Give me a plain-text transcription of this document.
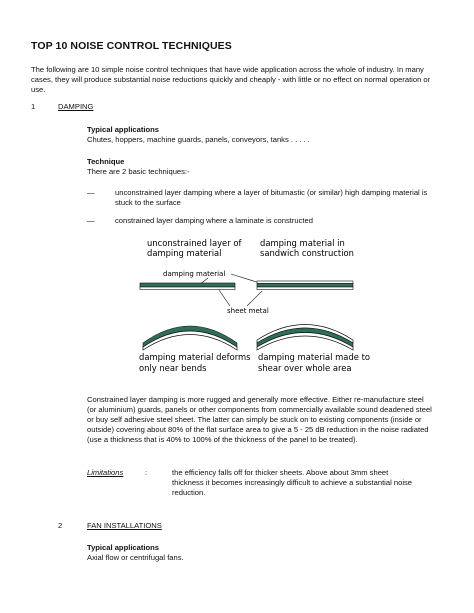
TOP 10 NOISE CONTROL TECHNIQUES
The following are 10 simple noise control techniques that have wide application across the whole of industry. In many cases, they will produce substantial noise reductions quickly and cheaply - with little or no effect on normal operation or use.
1	DAMPING
Typical applications
Chutes, hoppers, machine guards, panels, conveyors, tanks . . . . .
Technique
There are 2 basic techniques:-
—	unconstrained layer damping where a layer of bitumastic (or similar) high damping material is stuck to the surface
—	constrained layer damping where a laminate is constructed
unconstrained layer of
damping material
damping material in
sandwich construction
damping material
sheet metal
damping material deforms
only near bends
damping material made to
shear over whole area
Constrained layer damping is more rugged and generally more effective. Either re-manufacture steel (or aluminium) guards, panels or other components from commercially available sound deadened steel or buy self adhesive steel sheet. The latter can simply be stuck on to existing components (inside or outside) covering about 80% of the flat surface area to give a 5 - 25 dB reduction in the noise radiated (use a thickness that is 40% to 100% of the thickness of the panel to be treated).
Limitations	:	the efficiency falls off for thicker sheets. Above about 3mm sheet thickness it becomes increasingly difficult to achieve a substantial noise reduction.
2	FAN INSTALLATIONS
Typical applications
Axial flow or centrifugal fans.
